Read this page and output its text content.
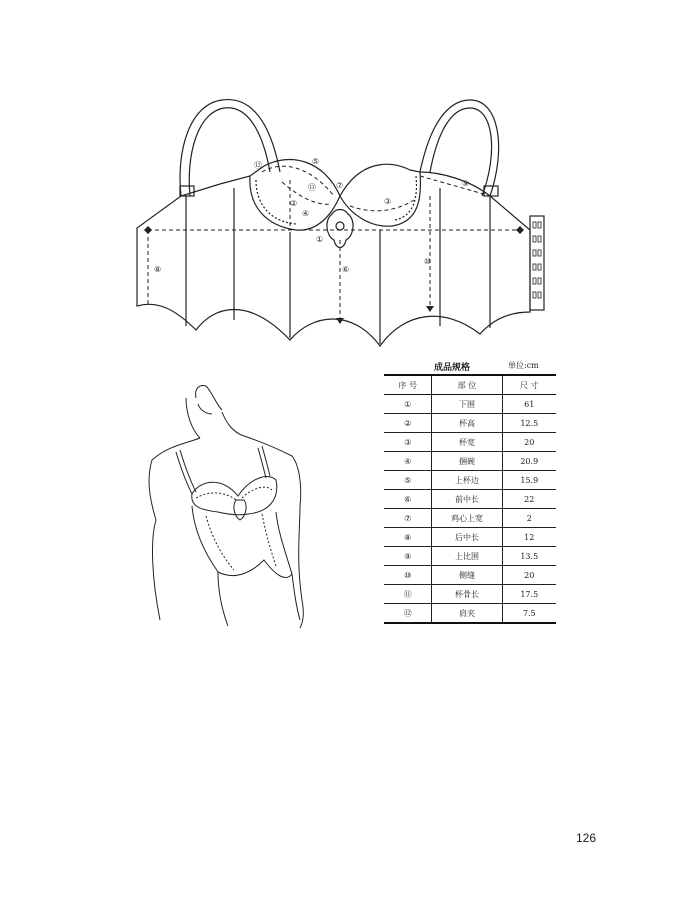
①
②	③
④
⑤
⑥
⑦
⑧
⑨
⑩
⑪
⑫
成品规格	单位:cm
序 号	部 位	尺 寸
①	下围	61
②	杯高	12.5
③	杯宽	20
④	捆碗	20.9
⑤	上杯边	15.9
⑥	前中长	22
⑦	鸡心上宽	2
⑧	后中长	12
⑨	上比围	13.5
⑩	侧缝	20
⑪	杯骨长	17.5
⑫	肩夹	7.5
126
